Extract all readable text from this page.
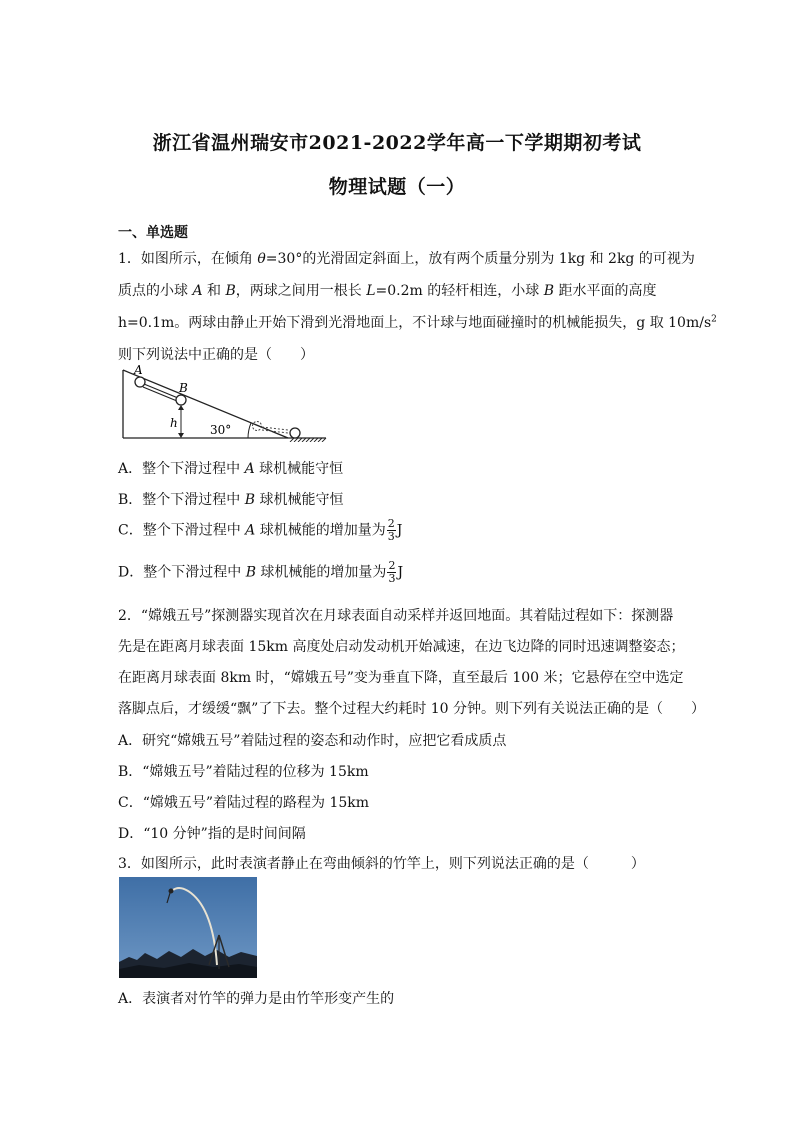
浙江省温州瑞安市2021-2022学年高一下学期期初考试
物理试题（一）
一、单选题
1．如图所示，在倾角 θ=30°的光滑固定斜面上，放有两个质量分别为 1kg 和 2kg 的可视为
质点的小球 A 和 B，两球之间用一根长 L=0.2m 的轻杆相连，小球 B 距水平面的高度
h=0.1m。两球由静止开始下滑到光滑地面上，不计球与地面碰撞时的机械能损失，g 取 $10m/s^2$
则下列说法中正确的是（　　）
A
B
h	30°
A．整个下滑过程中 A 球机械能守恒
B．整个下滑过程中 B 球机械能守恒
C．整个下滑过程中 A 球机械能的增加量为 $\frac{2}{3}$ J
D．整个下滑过程中 B 球机械能的增加量为 $\frac{2}{3}$ J
2．“嫦娥五号”探测器实现首次在月球表面自动采样并返回地面。其着陆过程如下：探测器
先是在距离月球表面 15km 高度处启动发动机开始减速，在边飞边降的同时迅速调整姿态；
在距离月球表面 8km 时，“嫦娥五号”变为垂直下降，直至最后 100 米；它悬停在空中选定
落脚点后，才缓缓“飘”了下去。整个过程大约耗时 10 分钟。则下列有关说法正确的是（　　）
A．研究“嫦娥五号”着陆过程的姿态和动作时，应把它看成质点
B．“嫦娥五号”着陆过程的位移为 15km
C．“嫦娥五号”着陆过程的路程为 15km
D．“10 分钟”指的是时间间隔
3．如图所示，此时表演者静止在弯曲倾斜的竹竿上，则下列说法正确的是（　　　）
A．表演者对竹竿的弹力是由竹竿形变产生的
